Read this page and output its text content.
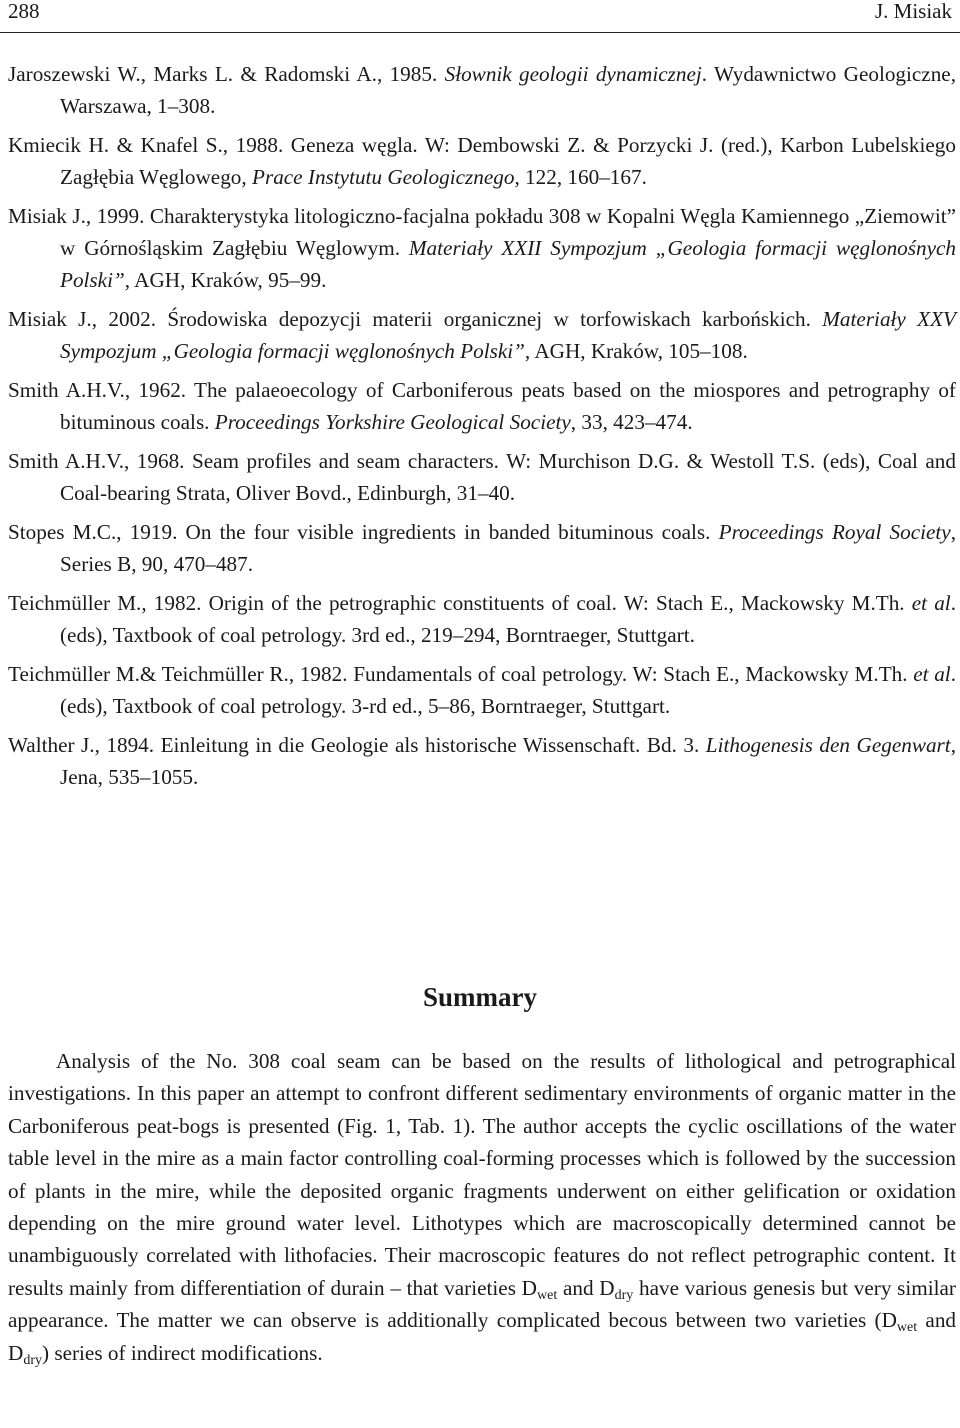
288	J. Misiak

Jaroszewski W., Marks L. & Radomski A., 1985. Słownik geologii dynamicznej. Wydawnictwo Geologiczne, Warszawa, 1–308.

Kmiecik H. & Knafel S., 1988. Geneza węgla. W: Dembowski Z. & Porzycki J. (red.), Karbon Lubelskiego Zagłębia Węglowego, Prace Instytutu Geologicznego, 122, 160–167.

Misiak J., 1999. Charakterystyka litologiczno-facjalna pokładu 308 w Kopalni Węgla Kamiennego „Ziemowit” w Górnośląskim Zagłębiu Węglowym. Materiały XXII Sympozjum „Geologia formacji węglonośnych Polski”, AGH, Kraków, 95–99.

Misiak J., 2002. Środowiska depozycji materii organicznej w torfowiskach karbońskich. Materiały XXV Sympozjum „Geologia formacji węglonośnych Polski”, AGH, Kraków, 105–108.

Smith A.H.V., 1962. The palaeoecology of Carboniferous peats based on the miospores and petrography of bituminous coals. Proceedings Yorkshire Geological Society, 33, 423–474.

Smith A.H.V., 1968. Seam profiles and seam characters. W: Murchison D.G. & Westoll T.S. (eds), Coal and Coal-bearing Strata, Oliver Bovd., Edinburgh, 31–40.

Stopes M.C., 1919. On the four visible ingredients in banded bituminous coals. Proceedings Royal Society, Series B, 90, 470–487.

Teichmüller M., 1982. Origin of the petrographic constituents of coal. W: Stach E., Mackowsky M.Th. et al. (eds), Taxtbook of coal petrology. 3rd ed., 219–294, Borntraeger, Stuttgart.

Teichmüller M.& Teichmüller R., 1982. Fundamentals of coal petrology. W: Stach E., Mackowsky M.Th. et al. (eds), Taxtbook of coal petrology. 3-rd ed., 5–86, Borntraeger, Stuttgart.

Walther J., 1894. Einleitung in die Geologie als historische Wissenschaft. Bd. 3. Lithogenesis den Gegenwart, Jena, 535–1055.

Summary

Analysis of the No. 308 coal seam can be based on the results of lithological and petrographical investigations. In this paper an attempt to confront different sedimentary environments of organic matter in the Carboniferous peat-bogs is presented (Fig. 1, Tab. 1). The author accepts the cyclic oscillations of the water table level in the mire as a main factor controlling coal-forming processes which is followed by the succession of plants in the mire, while the deposited organic fragments underwent on either gelification or oxidation depending on the mire ground water level. Lithotypes which are macroscopically determined cannot be unambiguously correlated with lithofacies. Their macroscopic features do not reflect petrographic content. It results mainly from differentiation of durain – that varieties $D_{wet}$ and $D_{dry}$ have various genesis but very similar appearance. The matter we can observe is additionally complicated becous between two varieties ($D_{wet}$ and $D_{dry}$) series of indirect modifications.
